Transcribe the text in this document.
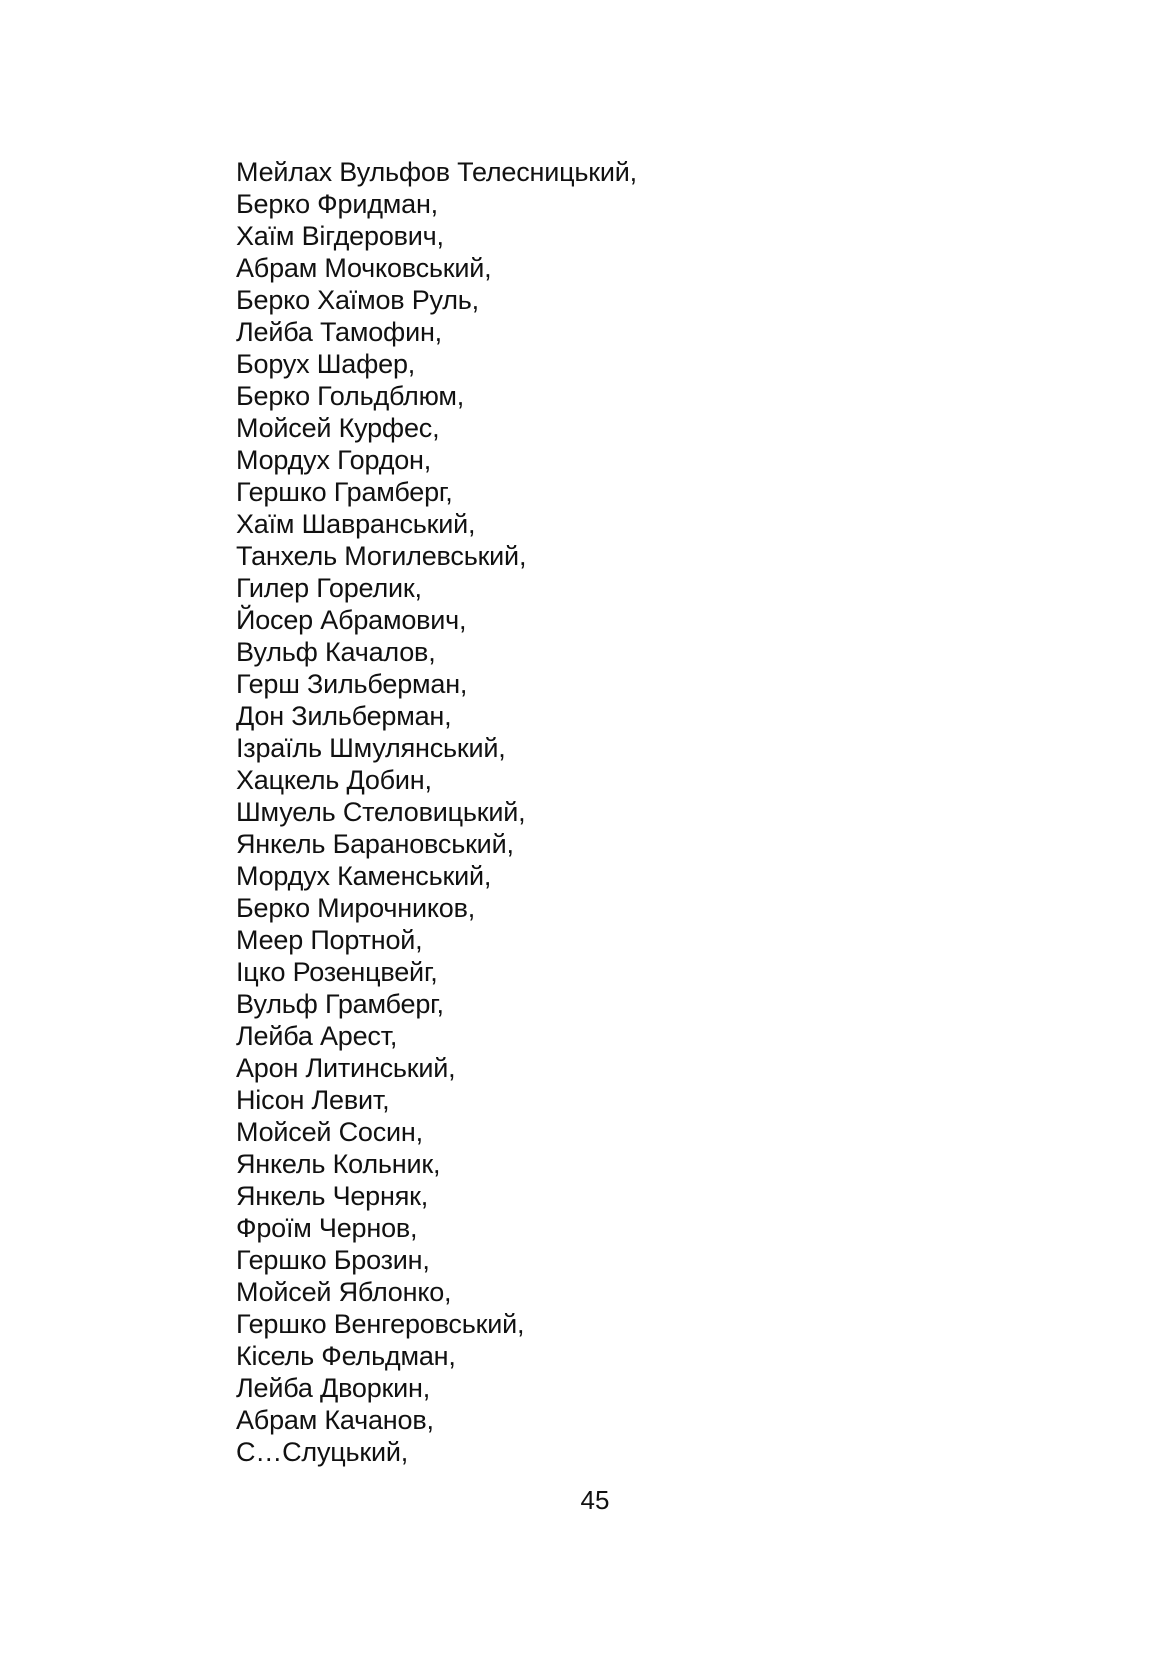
Мейлах Вульфов Телесницький,
Берко Фридман,
Хаїм Вігдерович,
Абрам Мочковський,
Берко Хаїмов Руль,
Лейба Тамофин,
Борух Шафер,
Берко Гольдблюм,
Мойсей Курфес,
Мордух Гордон,
Гершко Грамберг,
Хаїм Шавранський,
Танхель Могилевський,
Гилер Горелик,
Йосер Абрамович,
Вульф Качалов,
Герш Зильберман,
Дон Зильберман,
Ізраїль Шмулянський,
Хацкель Добин,
Шмуель Стеловицький,
Янкель Барановський,
Мордух Каменський,
Берко Мирочников,
Меер Портной,
Іцко Розенцвейг,
Вульф Грамберг,
Лейба Арест,
Арон Литинський,
Нісон Левит,
Мойсей Сосин,
Янкель Кольник,
Янкель Черняк,
Фроїм Чернов,
Гершко Брозин,
Мойсей Яблонко,
Гершко Венгеровський,
Кісель Фельдман,
Лейба Дворкин,
Абрам Качанов,
С…Слуцький,
45
